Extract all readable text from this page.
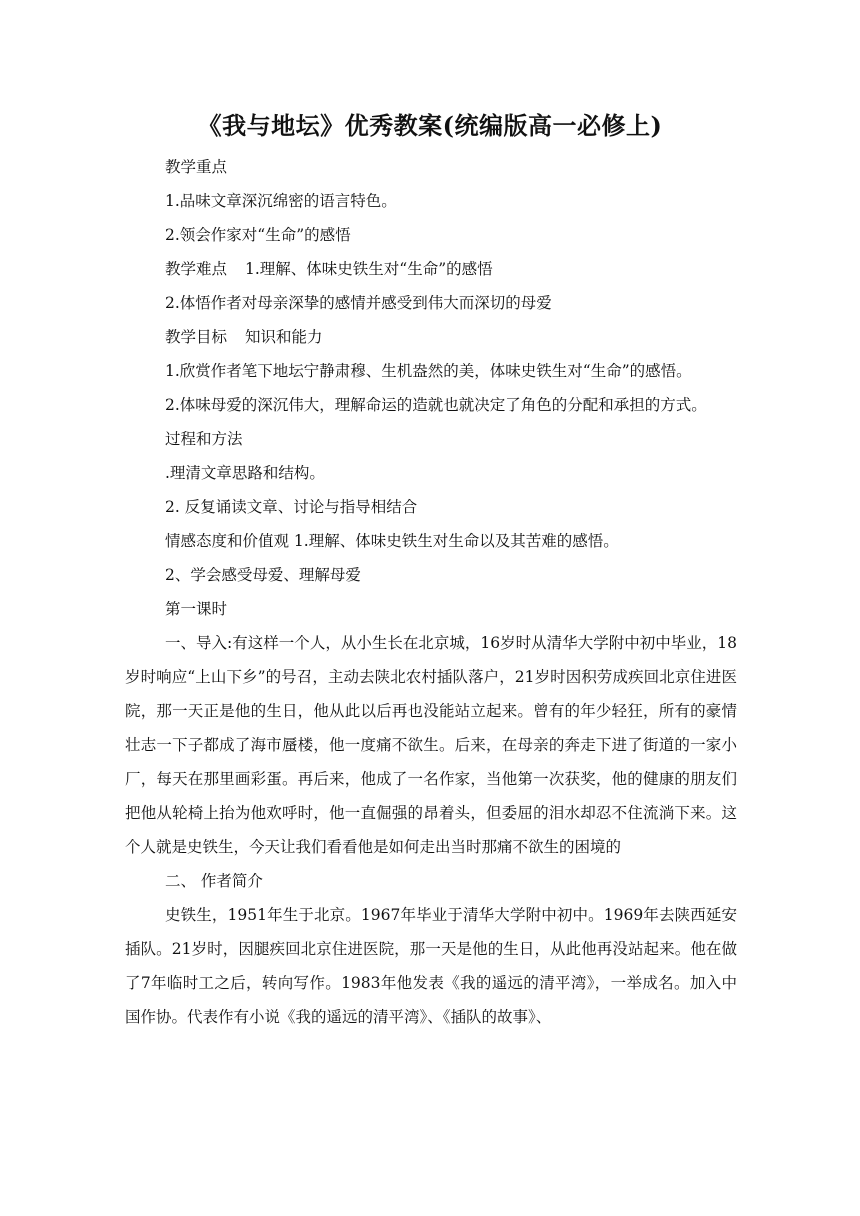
《我与地坛》优秀教案(统编版高一必修上)
教学重点
1.品味文章深沉绵密的语言特色。
2.领会作家对“生命”的感悟
教学难点 1.理解、体味史铁生对“生命”的感悟
2.体悟作者对母亲深挚的感情并感受到伟大而深切的母爱
教学目标 知识和能力
1.欣赏作者笔下地坛宁静肃穆、生机盎然的美，体味史铁生对“生命”的感悟。
2.体味母爱的深沉伟大，理解命运的造就也就决定了角色的分配和承担的方式。
过程和方法
.理清文章思路和结构。
2. 反复诵读文章、讨论与指导相结合
情感态度和价值观 1.理解、体味史铁生对生命以及其苦难的感悟。
2、学会感受母爱、理解母爱
第一课时
一、导入:有这样一个人，从小生长在北京城，16岁时从清华大学附中初中毕业，18岁时响应“上山下乡”的号召，主动去陕北农村插队落户，21岁时因积劳成疾回北京住进医院，那一天正是他的生日，他从此以后再也没能站立起来。曾有的年少轻狂，所有的豪情壮志一下子都成了海市蜃楼，他一度痛不欲生。后来，在母亲的奔走下进了街道的一家小厂，每天在那里画彩蛋。再后来，他成了一名作家，当他第一次获奖，他的健康的朋友们把他从轮椅上抬为他欢呼时，他一直倔强的昂着头，但委屈的泪水却忍不住流淌下来。这个人就是史铁生，今天让我们看看他是如何走出当时那痛不欲生的困境的
二、 作者简介
史铁生，1951年生于北京。1967年毕业于清华大学附中初中。1969年去陕西延安插队。21岁时，因腿疾回北京住进医院，那一天是他的生日，从此他再没站起来。他在做了7年临时工之后，转向写作。1983年他发表《我的遥远的清平湾》，一举成名。加入中国作协。代表作有小说《我的遥远的清平湾》、《插队的故事》、
